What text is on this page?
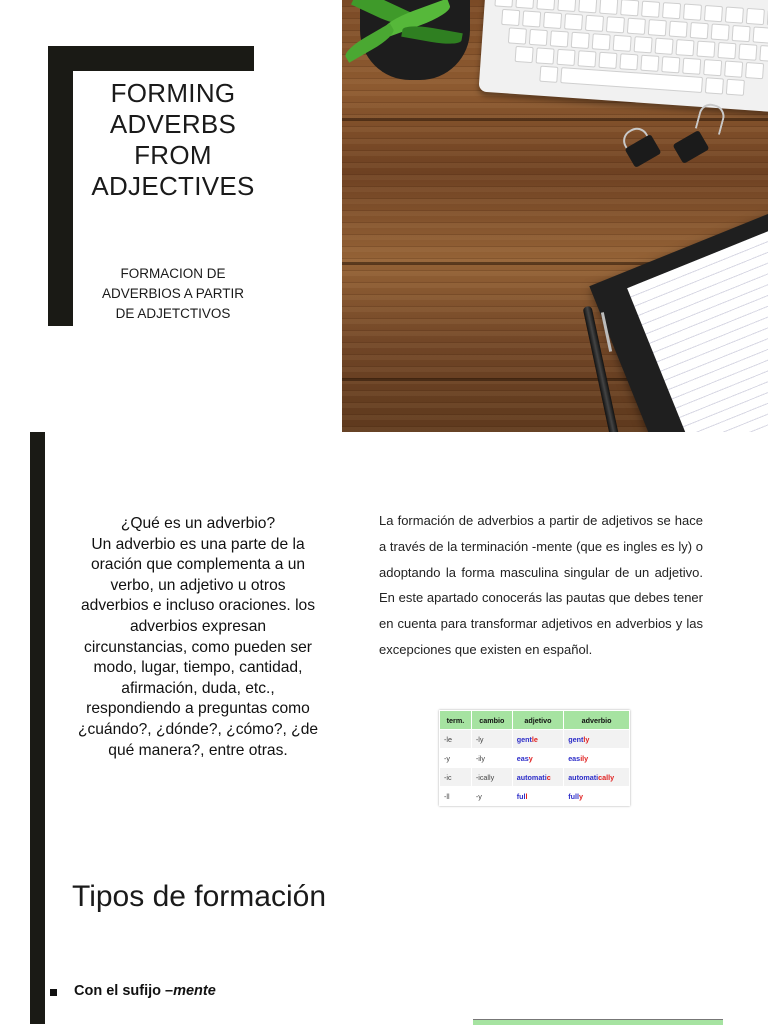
FORMING
ADVERBS
FROM
ADJECTIVES
FORMACION DE
ADVERBIOS A PARTIR
DE ADJETCTIVOS
¿Qué es un adverbio?
Un adverbio es una parte de la
oración que complementa a un
verbo, un adjetivo u otros
adverbios e incluso oraciones. los
adverbios expresan
circunstancias, como pueden ser
modo, lugar, tiempo, cantidad,
afirmación, duda, etc.,
respondiendo a preguntas como
¿cuándo?, ¿dónde?, ¿cómo?, ¿de
qué manera?, entre otras.
La formación de adverbios a partir de adjetivos se hace a través de la terminación -mente (que es ingles es ly) o adoptando la forma masculina singular de un adjetivo. En este apartado conocerás las pautas que debes tener en cuenta para transformar adjetivos en adverbios y las excepciones que existen en español.
term.	cambio	adjetivo	adverbio
-le	-ly	gentle	gently
-y	-ily	easy	easily
-ic	-ically	automatic	automatically
-ll	-y	full	fully
Tipos de formación
Con el sufijo –mente
